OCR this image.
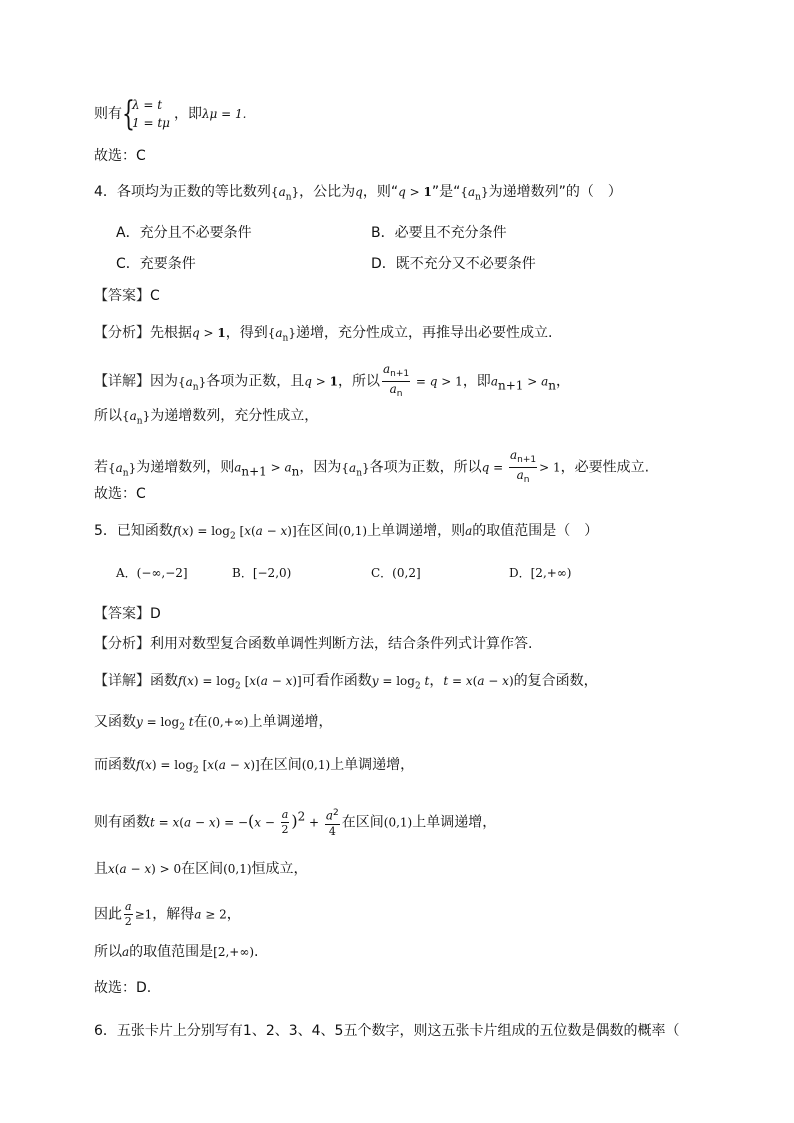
则有 {
λ = t
1 = tμ
，即λμ = 1.
故选：C
4．各项均为正数的等比数列$\{a_n\}$，公比为q，则“q > 1”是“$\{a_n\}$为递增数列”的（　）
A．充分且不必要条件	B．必要且不充分条件
C．充要条件	D．既不充分又不必要条件
【答案】C
【分析】先根据q > 1，得到$\{a_n\}$递增，充分性成立，再推导出必要性成立.
【详解】因为$\{a_n\}$各项为正数，且q > 1，所以 $\frac{a_{n+1}}{a_n} = q > 1$，即$a_{n+1} > a_n$，
所以$\{a_n\}$为递增数列，充分性成立，
若$\{a_n\}$为递增数列，则$a_{n+1} > a_n$，因为$\{a_n\}$各项为正数，所以$q = \frac{a_{n+1}}{a_n} > 1$，必要性成立.
故选：C
5．已知函数$f(x) = \log_2 [x(a - x)]$在区间(0,1)上单调递增，则a的取值范围是（　）
A．(−∞,−2]	B．[−2,0)	C．(0,2]	D．[2,+∞)
【答案】D
【分析】利用对数型复合函数单调性判断方法，结合条件列式计算作答.
【详解】函数$f(x) = \log_2 [x(a - x)]$可看作函数$y = \log_2 t$，t = x(a − x)的复合函数，
又函数$y = \log_2 t$在(0,+∞)上单调递增，
而函数$f(x) = \log_2 [x(a - x)]$在区间(0,1)上单调递增，
则有函数$t = x(a - x) = -(x - \frac{a}{2} )^2 + \frac{a^2}{4}$ 在区间(0,1)上单调递增，
且x(a − x) > 0在区间(0,1)恒成立，
因此 $\frac{a}{2} \ge 1$，解得a ≥ 2，
所以a的取值范围是[2,+∞).
故选：D.
6．五张卡片上分别写有1、2、3、4、5五个数字，则这五张卡片组成的五位数是偶数的概率（
